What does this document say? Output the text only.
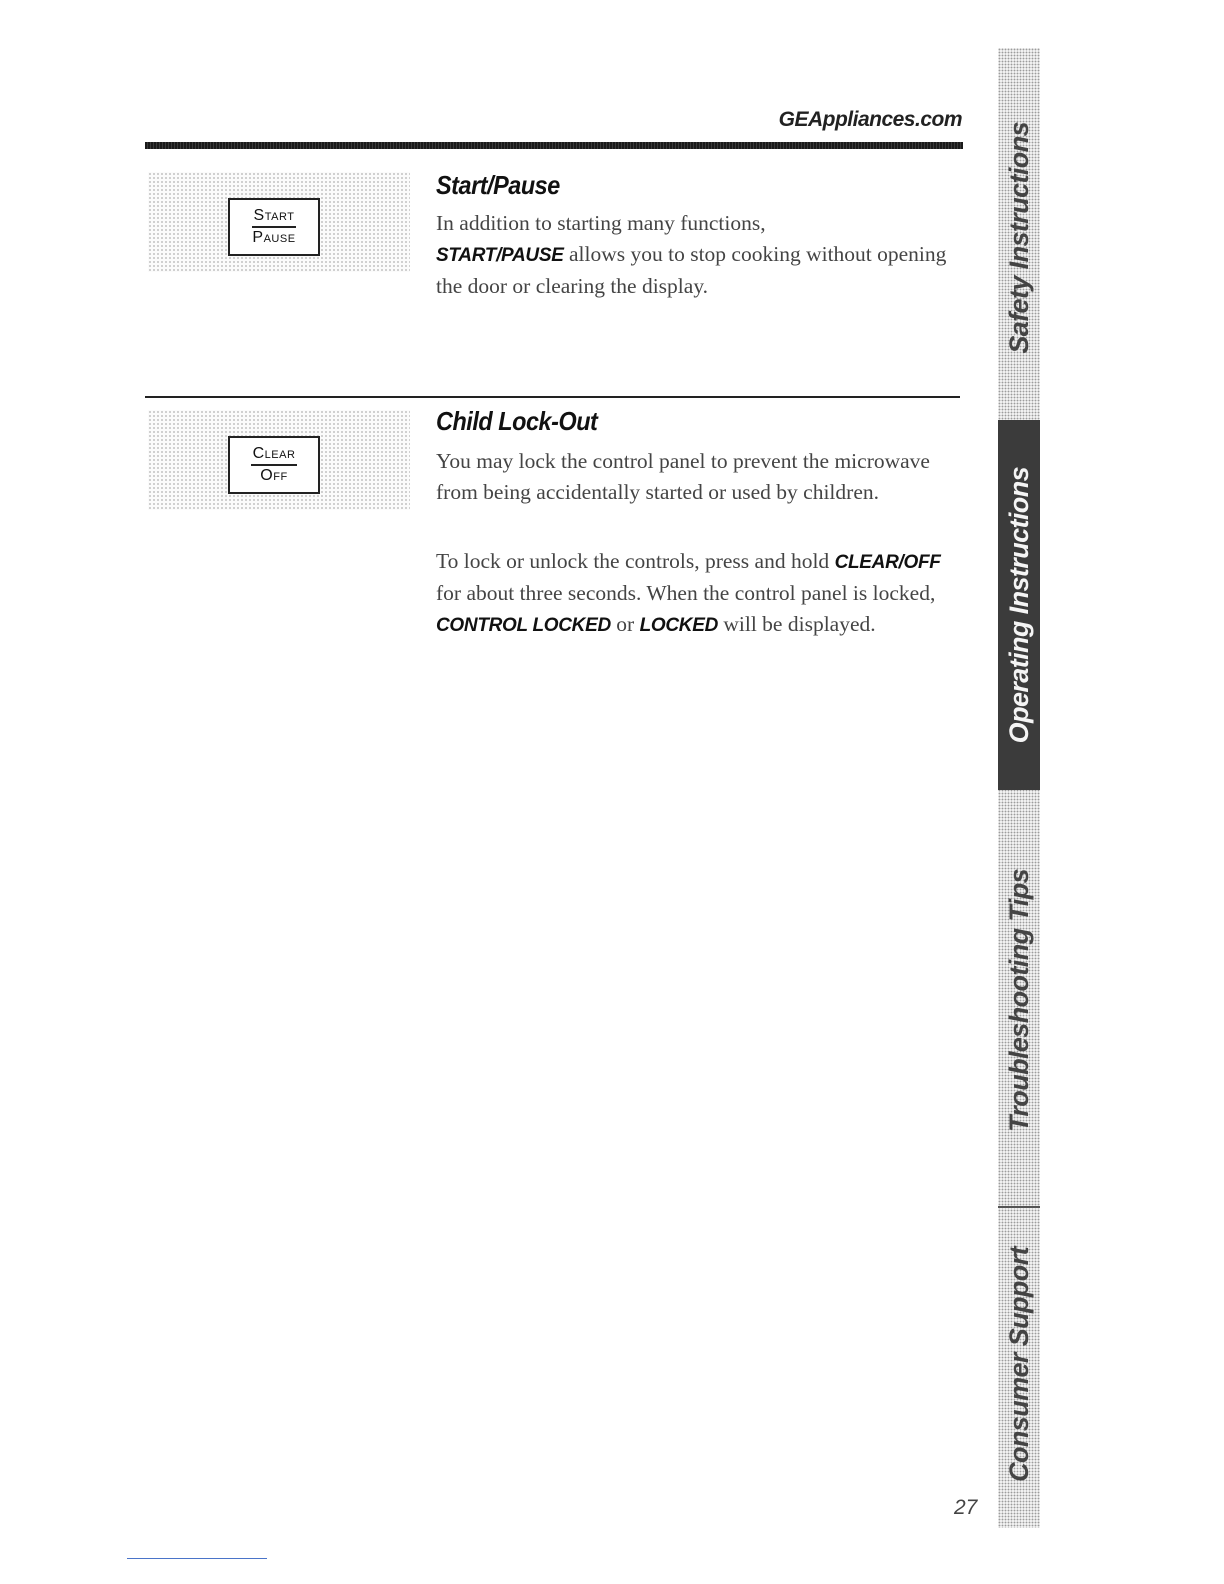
GEAppliances.com
Start
Pause
Start/Pause

In addition to starting many functions,
START/PAUSE allows you to stop cooking without opening the door or clearing the display.

Clear
Off
Child Lock-Out

You may lock the control panel to prevent the microwave from being accidentally started or used by children.

To lock or unlock the controls, press and hold CLEAR/OFF for about three seconds. When the control panel is locked, CONTROL LOCKED or LOCKED will be displayed.

Safety Instructions
Operating Instructions
Troubleshooting Tips
Consumer Support
27
